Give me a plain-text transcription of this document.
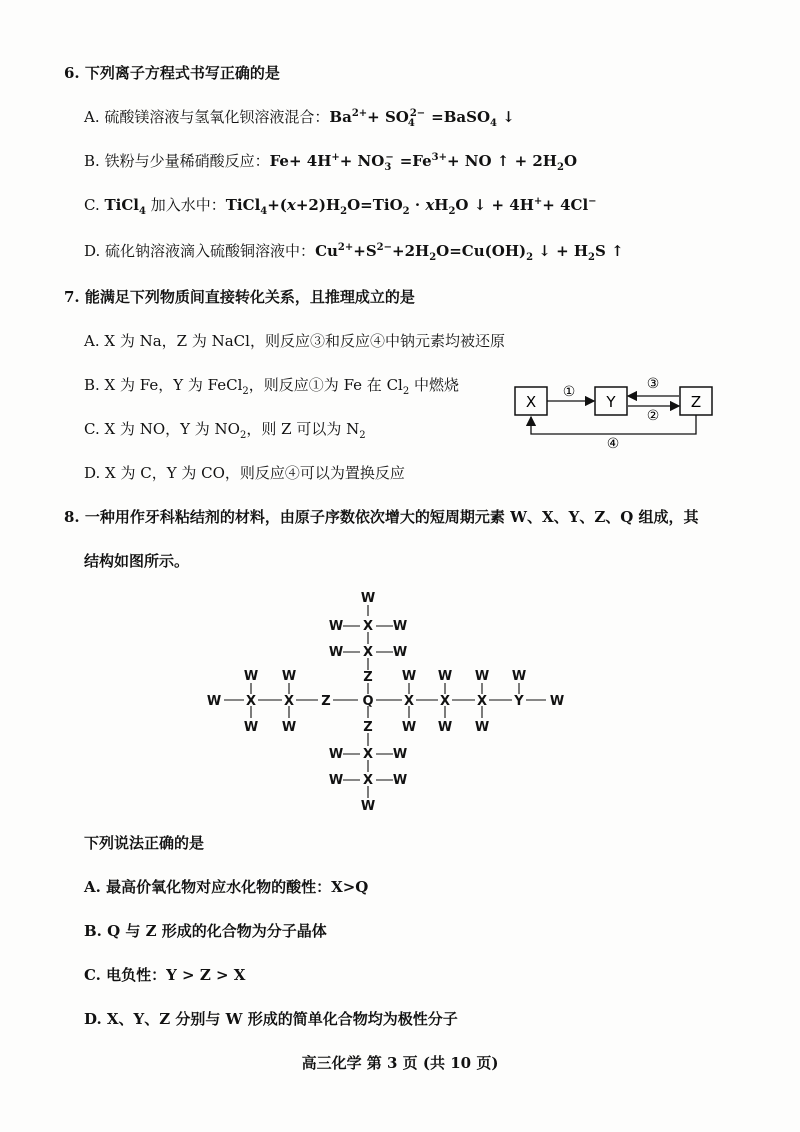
6. 下列离子方程式书写正确的是
A. 硫酸镁溶液与氢氧化钡溶液混合：$Ba^{2+}+ SO_4^{2-}$ =BaSO$_4$ ↓
B. 铁粉与少量稀硝酸反应：$Fe+ 4H^++ NO_3^- =Fe^{3+}+$ NO ↑ + $2H_2O$
C. TiCl$_4$ 加入水中：$TiCl_4+(x+2)H_2O=TiO_2 \cdot xH_2O$ ↓ + 4H++ 4Cl−
D. 硫化钠溶液滴入硫酸铜溶液中：$Cu^{2+}+S^{2-}+2H_2O=Cu(OH)_2$ ↓ + $H_2S$ ↑
7. 能满足下列物质间直接转化关系，且推理成立的是
A. X 为 Na，Z 为 NaCl，则反应③和反应④中钠元素均被还原
B. X 为 Fe，Y 为 FeCl$_2$，则反应①为 Fe 在 $Cl_2$ 中燃烧
C. X 为 NO，Y 为 $NO_2$，则 Z 可以为 $N_2$
D. X 为 C，Y 为 CO，则反应④可以为置换反应
X	Y	Z
①	③
②
④
8. 一种用作牙科粘结剂的材料，由原子序数依次增大的短周期元素 W、X、Y、Z、Q 组成，其
结构如图所示。
W
W X W
W X W
Z
W X X Z Q X X X Y W
W W	W W W W
W W	W W W
Z
W X W
W X W
W
下列说法正确的是
A. 最高价氧化物对应水化物的酸性：X>Q
B. Q 与 Z 形成的化合物为分子晶体
C. 电负性：Y > Z > X
D. X、Y、Z 分别与 W 形成的简单化合物均为极性分子
高三化学 第 3 页 (共 10 页)
